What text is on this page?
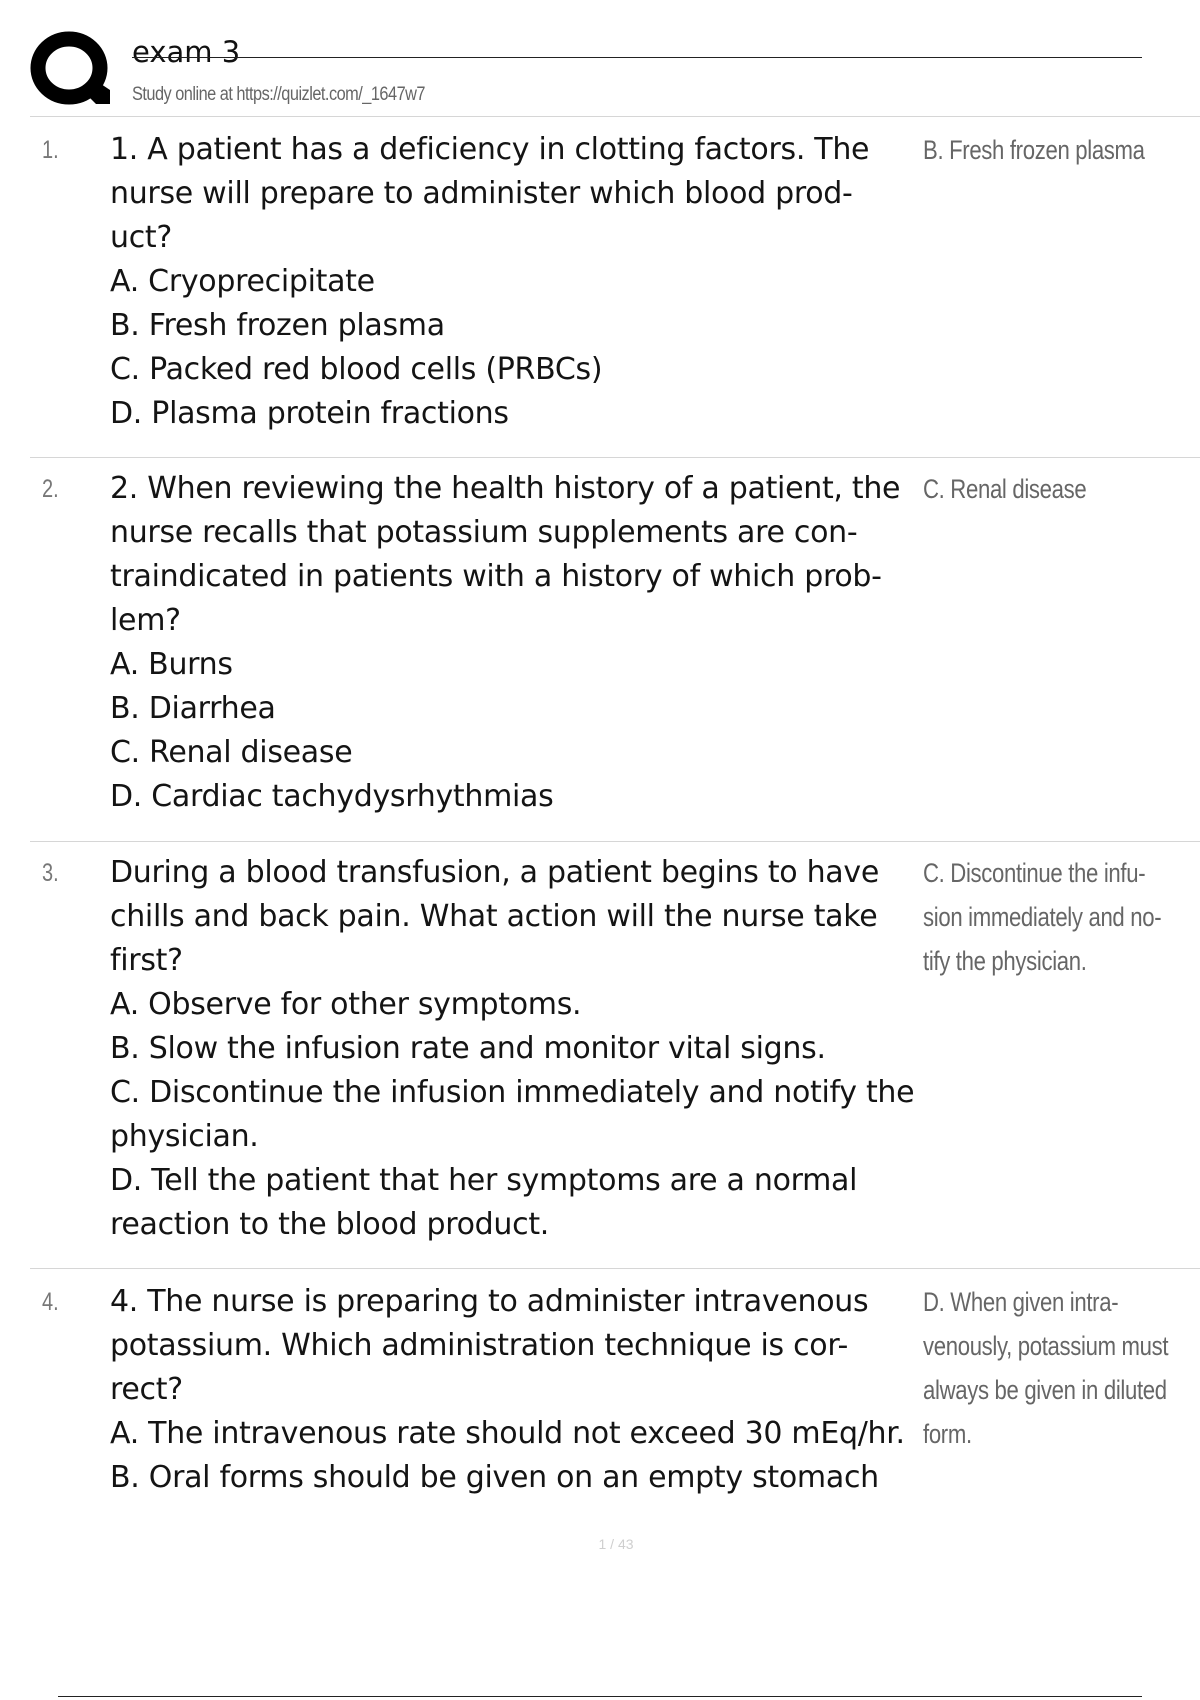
exam 3
Study online at https://quizlet.com/_1647w7
1. 1. A patient has a deficiency in clotting factors. The
nurse will prepare to administer which blood prod-
uct?
A. Cryoprecipitate
B. Fresh frozen plasma
C. Packed red blood cells (PRBCs)
D. Plasma protein fractions
B. Fresh frozen plasma
2. 2. When reviewing the health history of a patient, the
nurse recalls that potassium supplements are con-
traindicated in patients with a history of which prob-
lem?
A. Burns
B. Diarrhea
C. Renal disease
D. Cardiac tachydysrhythmias
C. Renal disease
3. During a blood transfusion, a patient begins to have
chills and back pain. What action will the nurse take
first?
A. Observe for other symptoms.
B. Slow the infusion rate and monitor vital signs.
C. Discontinue the infusion immediately and notify the
physician.
D. Tell the patient that her symptoms are a normal
reaction to the blood product.
C. Discontinue the infu-
sion immediately and no-
tify the physician.
4. 4. The nurse is preparing to administer intravenous
potassium. Which administration technique is cor-
rect?
A. The intravenous rate should not exceed 30 mEq/hr.
B. Oral forms should be given on an empty stomach
D. When given intra-
venously, potassium must
always be given in diluted
form.
1 / 43
